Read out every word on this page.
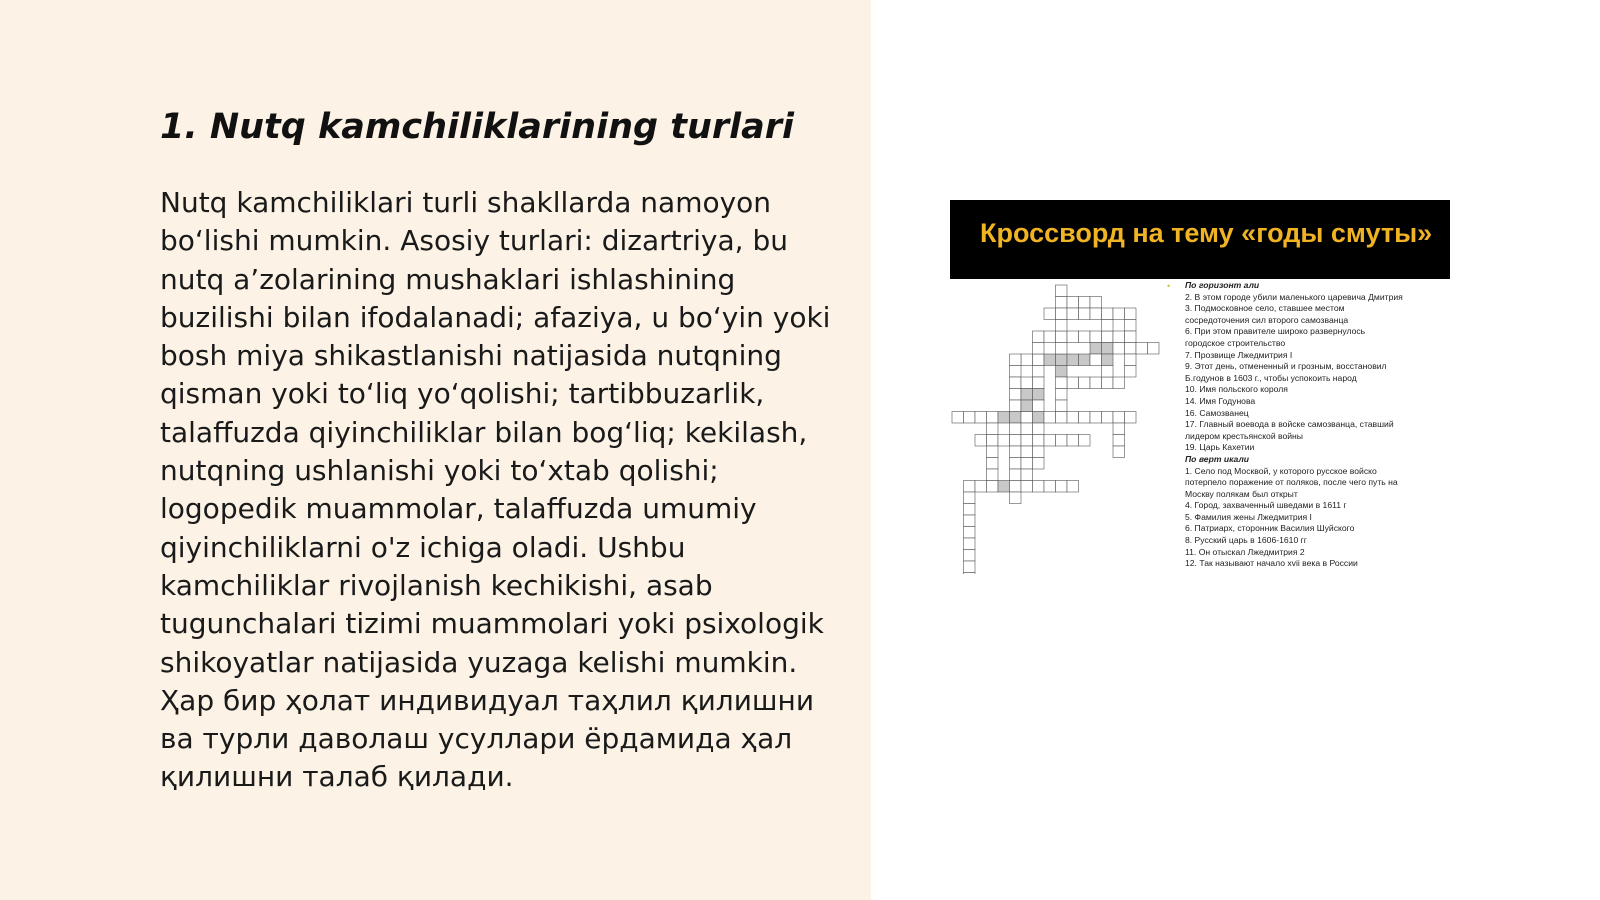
1. Nutq kamchiliklarining turlari

Nutq kamchiliklari turli shakllarda namoyon bo‘lishi mumkin. Asosiy turlari: dizartriya, bu nutq a’zolarining mushaklari ishlashining buzilishi bilan ifodalanadi; afaziya, u bo‘yin yoki bosh miya shikastlanishi natijasida nutqning qisman yoki to‘liq yo‘qolishi; tartibbuzarlik, talaffuzda qiyinchiliklar bilan bog‘liq; kekilash, nutqning ushlanishi yoki to‘xtab qolishi; logopedik muammolar, talaffuzda umumiy qiyinchiliklarni o'z ichiga oladi. Ushbu kamchiliklar rivojlanish kechikishi, asab tugunchalari tizimi muammolari yoki psixologik shikoyatlar natijasida yuzaga kelishi mumkin. Ҳар бир ҳолат индивидуал таҳлил қилишни ва турли даволаш усуллари ёрдамида ҳал қилишни талаб қилади.

Кроссворд на тему «годы смуты»
• По горизонт али
2. В этом городе убили маленького царевича Дмитрия
3. Подмосковное село, ставшее местом
сосредоточения сил второго самозванца
6. При этом правителе широко развернулось
городское строительство
7. Прозвище Лжедмитрия I
9. Этот день, отмененный и грозным, восстановил
Б.годунов в 1603 г., чтобы успокоить народ
10. Имя польского короля
14. Имя Годунова
16. Самозванец
17. Главный воевода в войске самозванца, ставший
лидером крестьянской войны
19. Царь Кахетии
По верт икали
1. Село под Москвой, у которого русское войско
потерпело поражение от поляков, после чего путь на
Москву полякам был открыт
4. Город, захваченный шведами в 1611 г
5. Фамилия жены Лжедмитрия I
6. Патриарх, сторонник Василия Шуйского
8. Русский царь в 1606-1610 гг
11. Он отыскал Лжедмитрия 2
12. Так называют начало xvii века в России
